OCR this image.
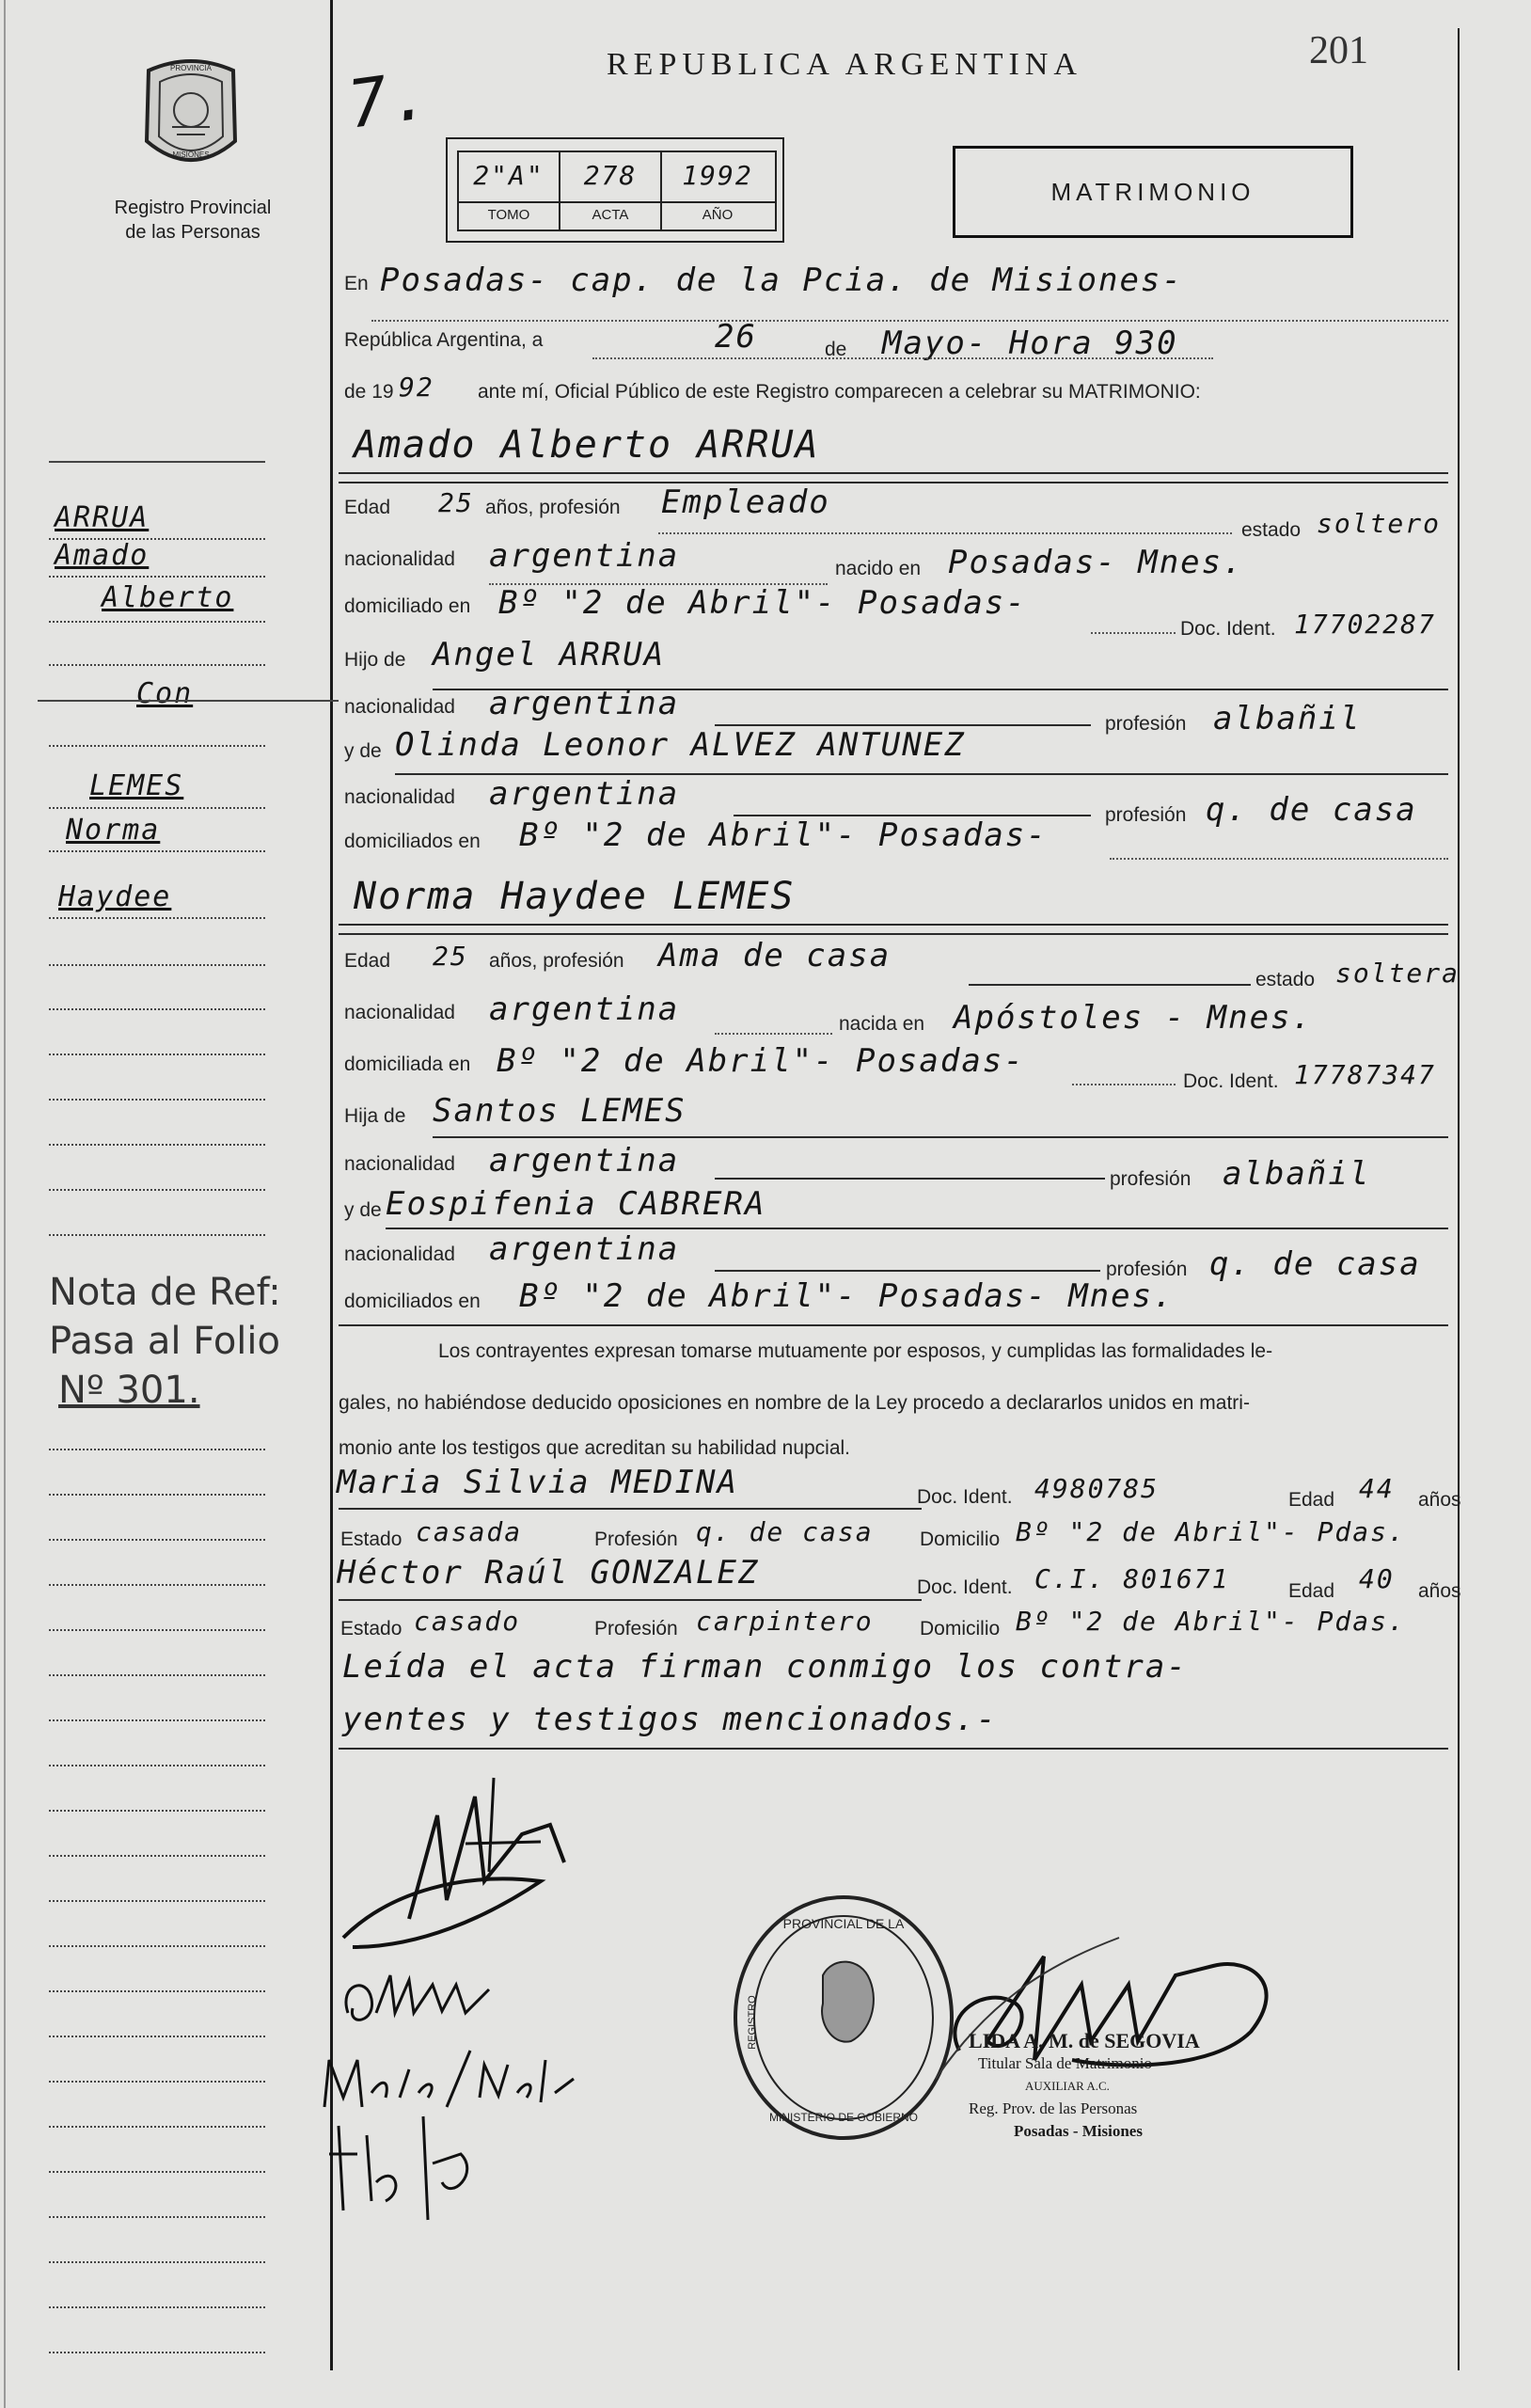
PROVINCIA
MISIONES
Registro Provincial
de las Personas
REPUBLICA ARGENTINA	201
7.
2"A"	278	1992
TOMO	ACTA	AÑO
MATRIMONIO
En Posadas- cap. de la Pcia. de Misiones-
República Argentina, a	26	de Mayo- Hora 930
de 19 92 ante mí, Oficial Público de este Registro comparecen a celebrar su MATRIMONIO:
Amado Alberto ARRUA
Edad 25 años, profesión Empleado
estado soltero
nacionalidad argentina	nacido en Posadas- Mnes.
domiciliado en Bº "2 de Abril"- Posadas-
Doc. Ident. 17702287
Hijo de Angel ARRUA
nacionalidad argentina
profesión albañil
y de Olinda Leonor ALVEZ ANTUNEZ
nacionalidad argentina
profesión q. de casa
domiciliados en Bº "2 de Abril"- Posadas-
Norma Haydee LEMES
Edad 25 años, profesión Ama de casa
estado soltera
nacionalidad argentina	nacida en Apóstoles - Mnes.
domiciliada en Bº "2 de Abril"- Posadas-
Doc. Ident. 17787347
Hija de Santos LEMES
nacionalidad argentina	profesión albañil
y de Eospifenia CABRERA
nacionalidad argentina
profesión q. de casa
domiciliados en Bº "2 de Abril"- Posadas- Mnes.
Los contrayentes expresan tomarse mutuamente por esposos, y cumplidas las formalidades le-
gales, no habiéndose deducido oposiciones en nombre de la Ley procedo a declararlos unidos en matri-
monio ante los testigos que acreditan su habilidad nupcial.
Maria Silvia MEDINA	Doc. Ident. 4980785	Edad 44 años
Estado casada	Profesión q. de casa Domicilio Bº "2 de Abril"- Pdas.
Héctor Raúl GONZALEZ	Doc. Ident. C.I. 801671	Edad 40 años
Estado casado	Profesión carpintero Domicilio Bº "2 de Abril"- Pdas.
Leída el acta firman conmigo los contra-
yentes y testigos mencionados.-
ARRUA
Amado
Alberto
Con
LEMES
Norma
Haydee
Nota de Ref:
Pasa al Folio
Nº 301.
PROVINCIAL DE LA
MINISTERIO DE GOBIERNO
REGISTRO	LIDA A. M. de SEGOVIA
Titular Sala de Matrimonio
AUXILIAR A.C.
Reg. Prov. de las Personas
Posadas - Misiones
